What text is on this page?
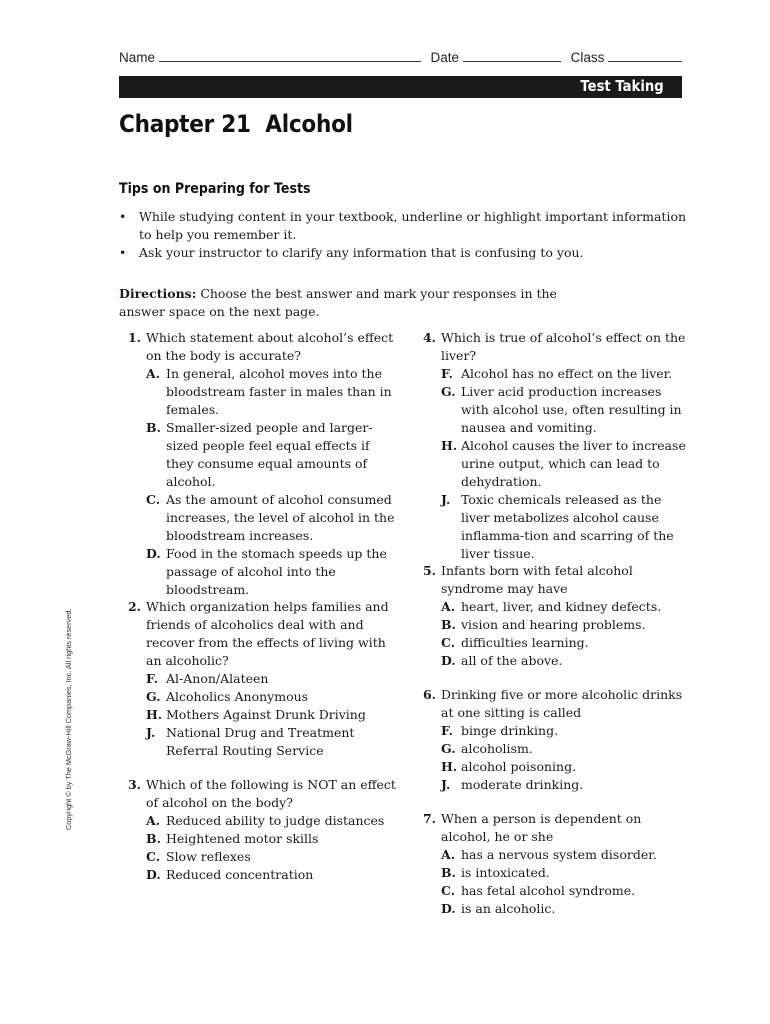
Name	Date	Class
Test Taking
Chapter 21  Alcohol
Tips on Preparing for Tests
• While studying content in your textbook, underline or highlight important information to help you remember it.
• Ask your instructor to clarify any information that is confusing to you.
Directions: Choose the best answer and mark your responses in the answer space on the next page.
Copyright © by The McGraw-Hill Companies, Inc. All rights reserved.
1. Which statement about alcohol’s effect on the body is accurate?
A. In general, alcohol moves into the bloodstream faster in males than in females.
B. Smaller-sized people and larger-sized people feel equal effects if they consume equal amounts of alcohol.
C. As the amount of alcohol consumed increases, the level of alcohol in the bloodstream increases.
D. Food in the stomach speeds up the passage of alcohol into the bloodstream.
2. Which organization helps families and friends of alcoholics deal with and recover from the effects of living with an alcoholic?
F. Al-Anon/Alateen
G. Alcoholics Anonymous
H. Mothers Against Drunk Driving
J. National Drug and Treatment Referral Routing Service
3. Which of the following is NOT an effect of alcohol on the body?
A. Reduced ability to judge distances
B. Heightened motor skills
C. Slow reflexes
D. Reduced concentration
4. Which is true of alcohol’s effect on the liver?
F. Alcohol has no effect on the liver.
G. Liver acid production increases with alcohol use, often resulting in nausea and vomiting.
H. Alcohol causes the liver to increase urine output, which can lead to dehydration.
J. Toxic chemicals released as the liver metabolizes alcohol cause inflamma-tion and scarring of the liver tissue.
5. Infants born with fetal alcohol syndrome may have
A. heart, liver, and kidney defects.
B. vision and hearing problems.
C. difficulties learning.
D. all of the above.
6. Drinking five or more alcoholic drinks at one sitting is called
F. binge drinking.
G. alcoholism.
H. alcohol poisoning.
J. moderate drinking.
7. When a person is dependent on alcohol, he or she
A. has a nervous system disorder.
B. is intoxicated.
C. has fetal alcohol syndrome.
D. is an alcoholic.
